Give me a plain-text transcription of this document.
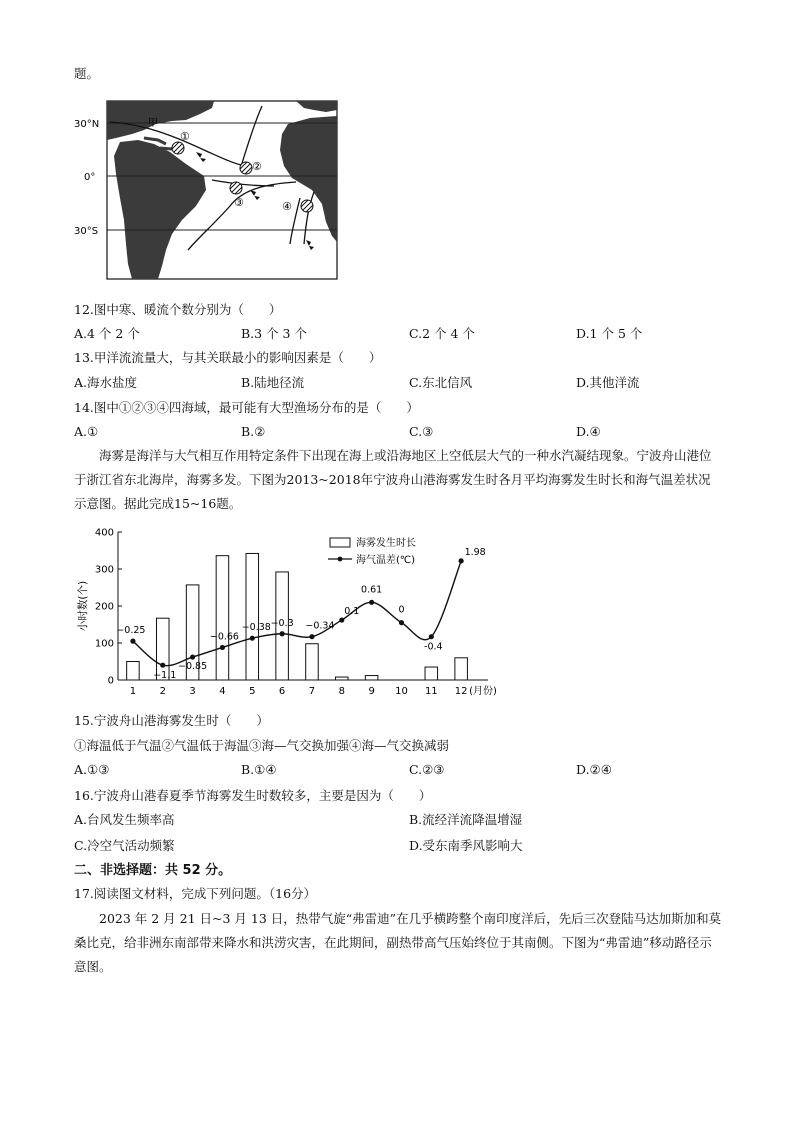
题。
30°N
0°
30°S
甲
①
②
③	④
12.图中寒、暖流个数分别为（　　）
A.4 个 2 个	B.3 个 3 个	C.2 个 4 个	D.1 个 5 个
13.甲洋流流量大，与其关联最小的影响因素是（　　）
A.海水盐度	B.陆地径流	C.东北信风	D.其他洋流
14.图中①②③④四海域，最可能有大型渔场分布的是（　　）
A.①	B.②	C.③	D.④
海雾是海洋与大气相互作用特定条件下出现在海上或沿海地区上空低层大气的一种水汽凝结现象。宁波舟山港位于浙江省东北海岸，海雾多发。下图为2013~2018年宁波舟山港海雾发生时各月平均海雾发生时长和海气温差状况示意图。据此完成15~16题。
0
100
200
300
400
小时数(个)
1 2 3 4 5 6 7 8 9 10 11 12 (月份)
−0.25
−1.1
−0.85
−0.66
−0.38 −0.3 −0.34
0.1
0.61
0
-0.4
1.98
海雾发生时长
海气温差(℃)
15.宁波舟山港海雾发生时（　　）
①海温低于气温②气温低于海温③海—气交换加强④海—气交换减弱
A.①③	B.①④	C.②③	D.②④
16.宁波舟山港春夏季节海雾发生时数较多，主要是因为（　　）
A.台风发生频率高	B.流经洋流降温增湿
C.冷空气活动频繁	D.受东南季风影响大
二、非选择题：共 52 分。
17.阅读图文材料，完成下列问题。（16分）
2023 年 2 月 21 日~3 月 13 日，热带气旋“弗雷迪”在几乎横跨整个南印度洋后，先后三次登陆马达加斯加和莫桑比克，给非洲东南部带来降水和洪涝灾害，在此期间，副热带高气压始终位于其南侧。下图为“弗雷迪”移动路径示意图。
